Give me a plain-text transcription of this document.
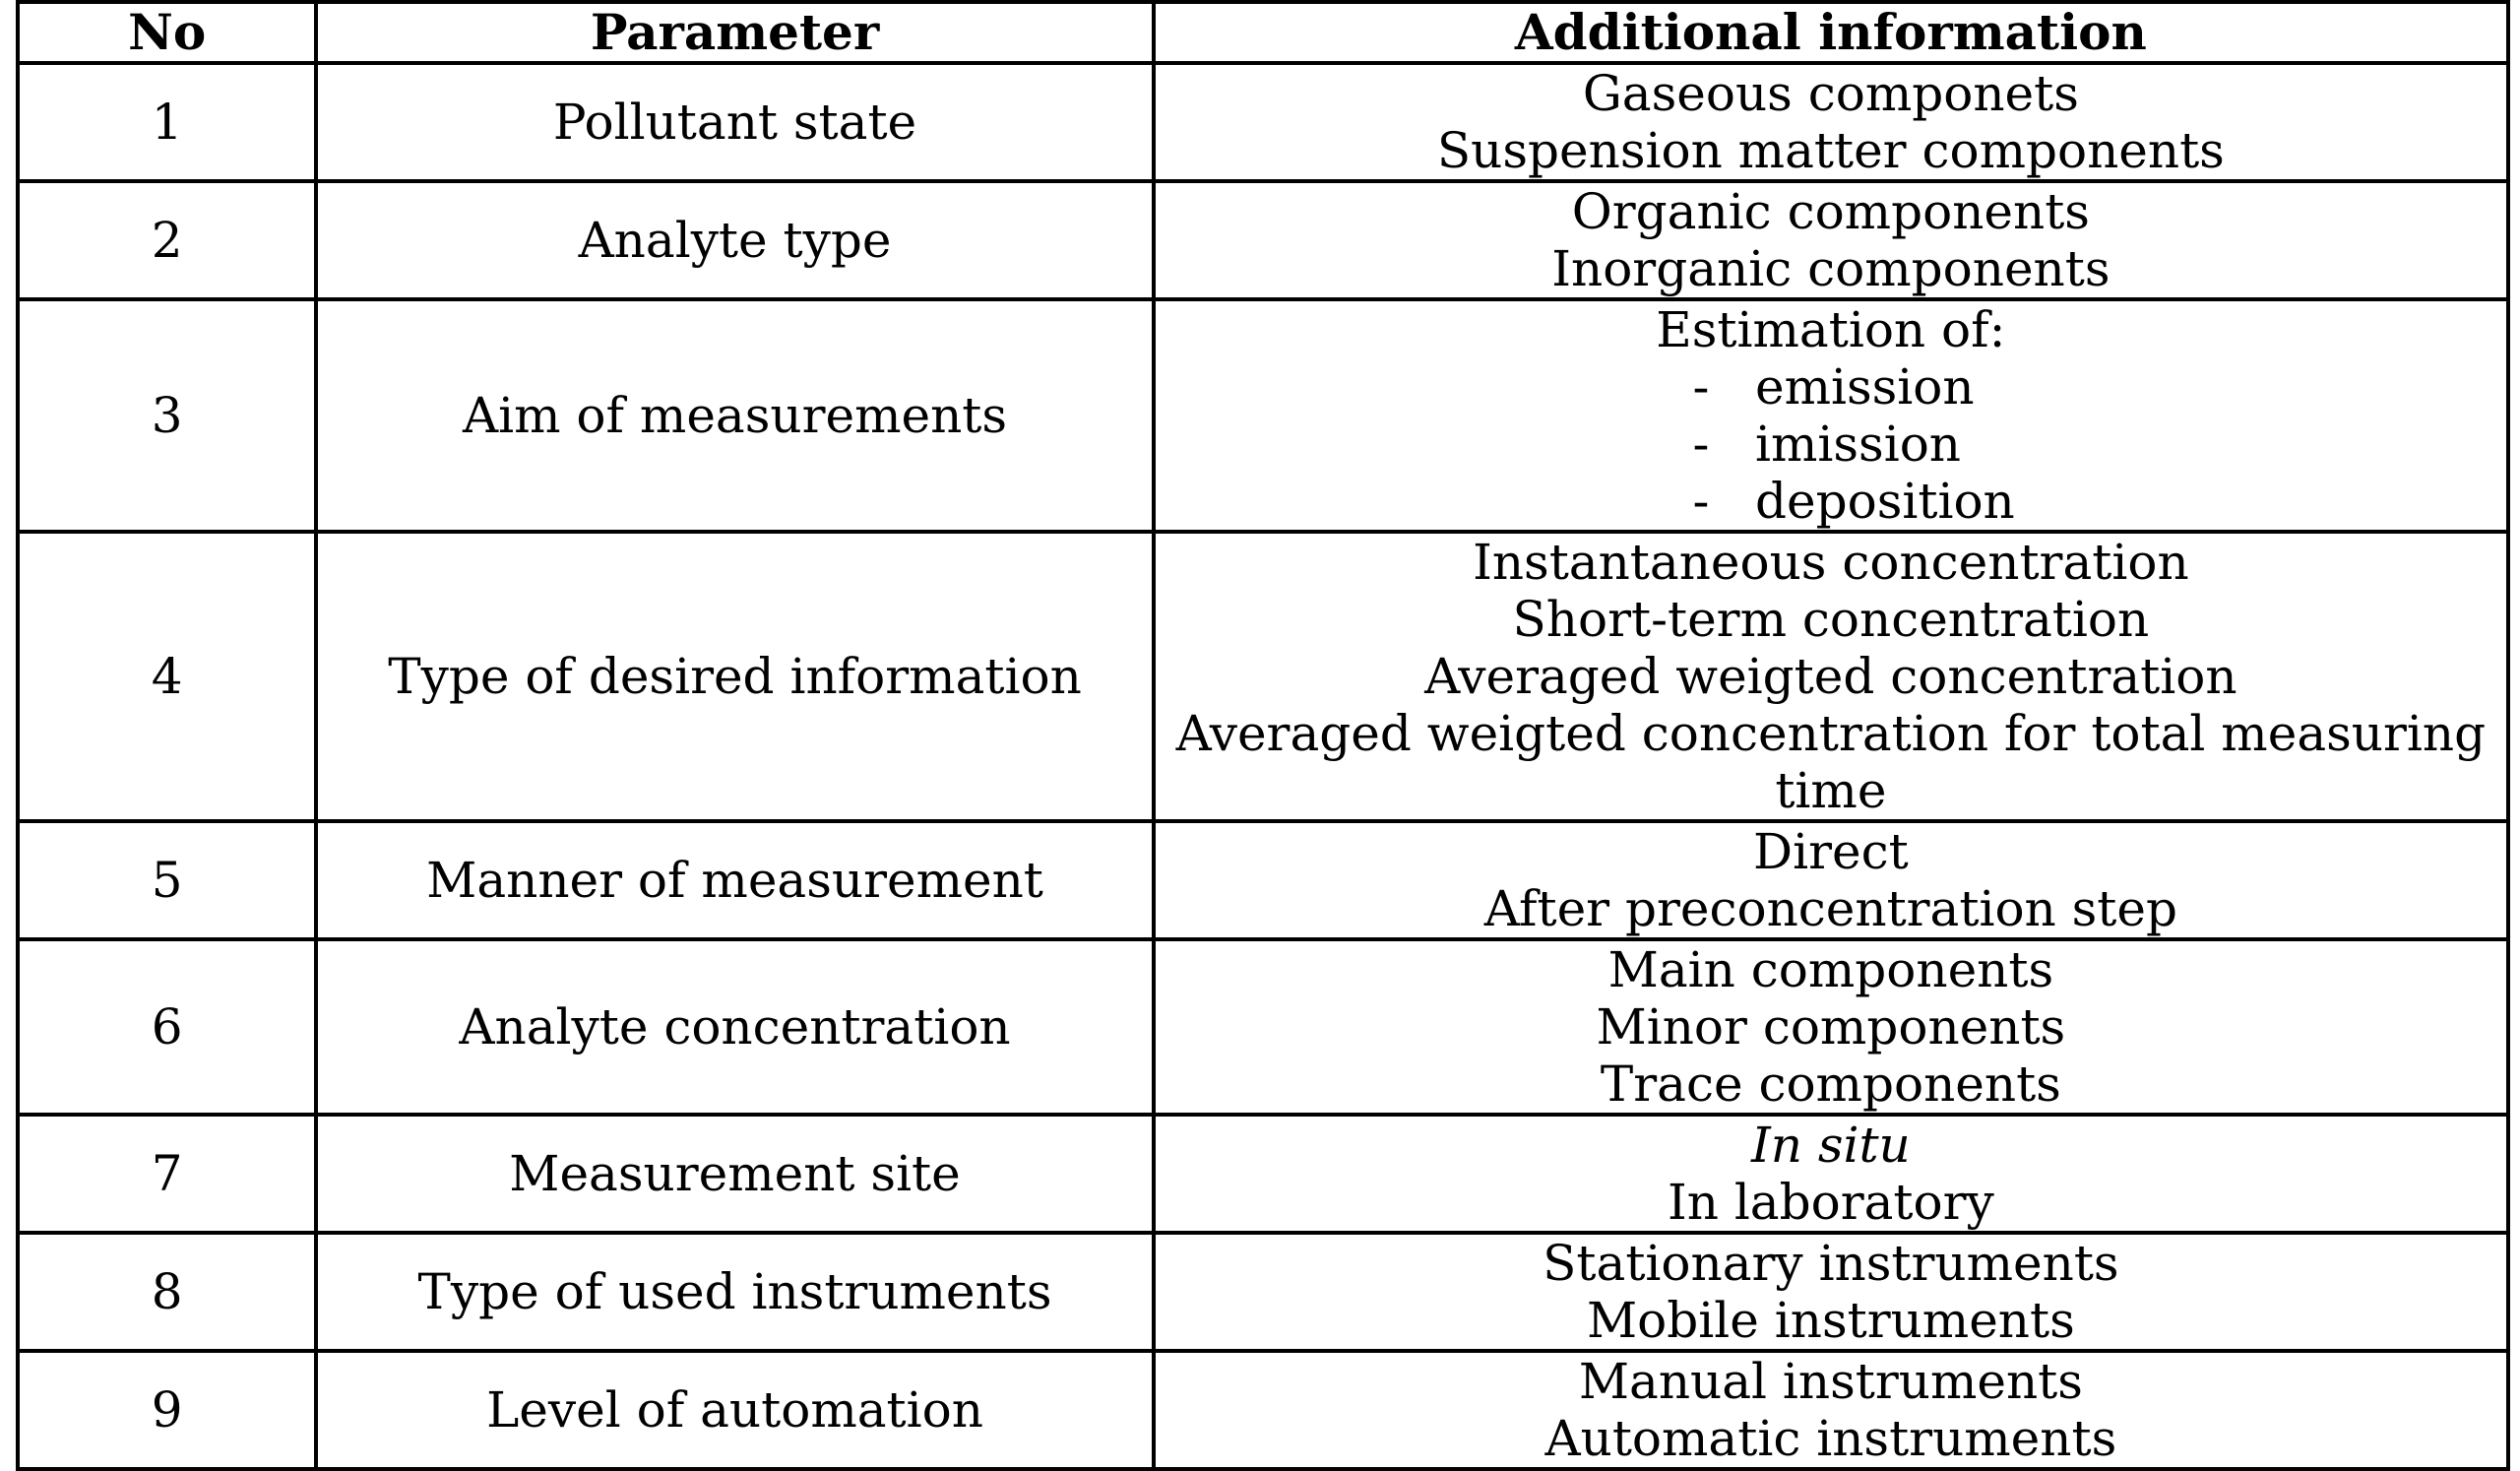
No	Parameter	Additional information
1	Pollutant state	Gaseous componets
Suspension matter components

2	Analyte type	Organic components
Inorganic components

3	Aim of measurements	Estimation of:
- emission
- imission
- deposition

4	Type of desired information	Instantaneous concentration
Short-term concentration
Averaged weigted concentration
Averaged weigted concentration for total measuring time

5	Manner of measurement	Direct
After preconcentration step

6	Analyte concentration	Main components
Minor components
Trace components

7	Measurement site	In situ
In laboratory

8	Type of used instruments	Stationary instruments
Mobile instruments

9	Level of automation	Manual instruments
Automatic instruments
